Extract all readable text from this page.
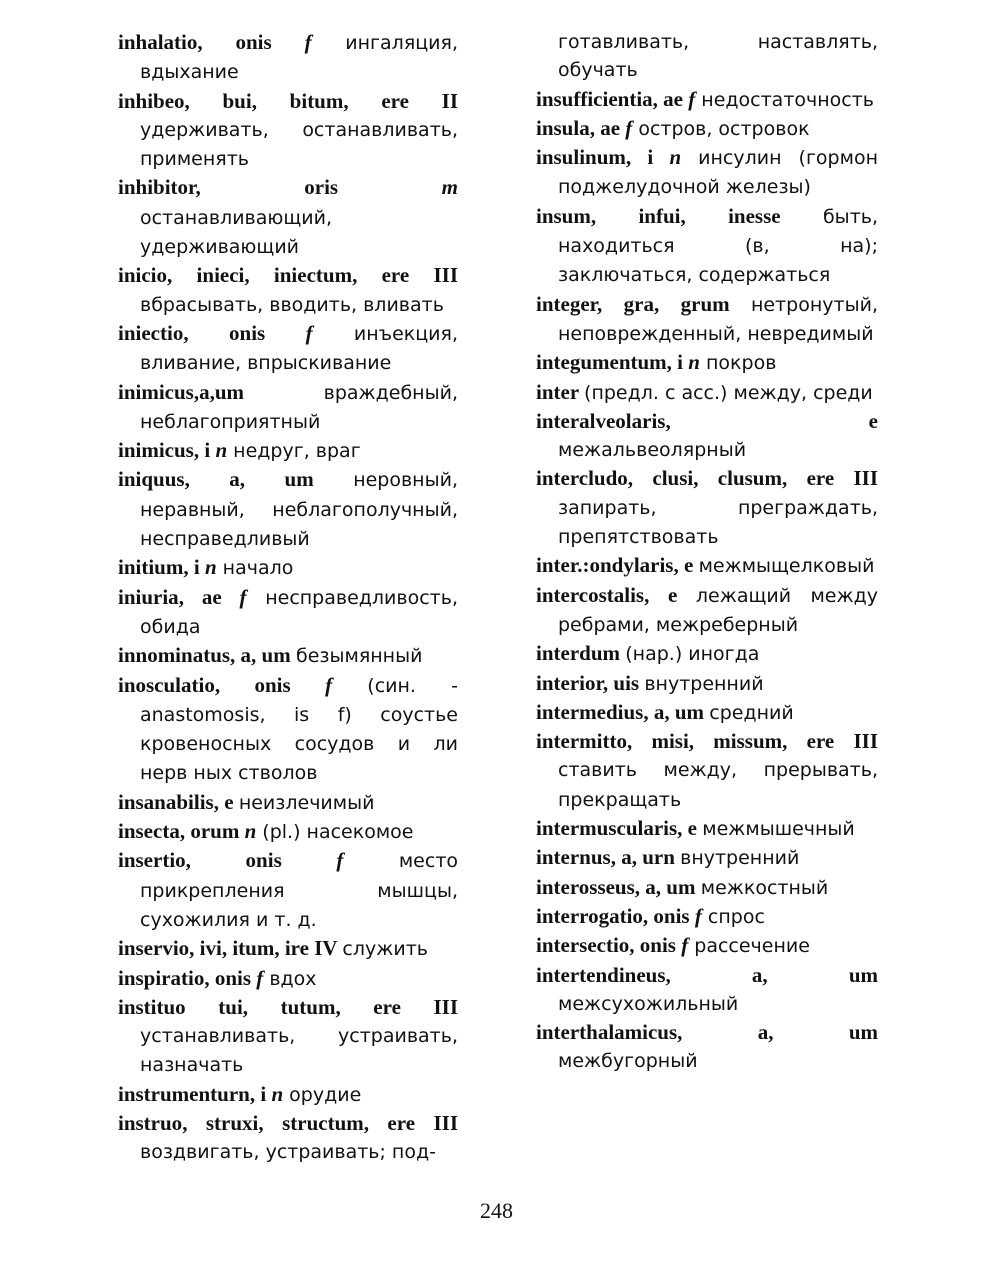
inhalatio, onis f ингаляция, вдыхание
inhibeo, bui, bitum, ere II удерживать, останавливать, применять
inhibitor, oris m останавливающий, удерживающий
inicio, inieci, iniectum, ere III вбрасывать, вводить, вливать
iniectio, onis f инъекция, вливание, впрыскивание
inimicus,a,um враждебный, неблагоприятный
inimicus, i n недруг, враг
iniquus, a, um неровный, неравный, неблагополучный, несправедливый
initium, i n начало
iniuria, ae f несправедливость, обида
innominatus, a, um безымянный
inosculatio, onis f (син. - anastomosis, is f) соустье кровеносных сосудов и ли нерв ных стволов
insanabilis, e неизлечимый
insecta, orum n (pl.) насекомое
insertio, onis f место прикрепления мышцы, сухожилия и т. д.
inservio, ivi, itum, ire IV служить
inspiratio, onis f вдох
instituo tui, tutum, ere III устанавливать, устраивать, назначать
instrumenturn, i n орудие
instruo, struxi, structum, ere III воздвигать, устраивать; под-
готавливать, наставлять, обучать
insufficientia, ae f недостаточность
insula, ae f остров, островок
insulinum, i n инсулин (гормон поджелудочной железы)
insum, infui, inesse быть, находиться (в, на); заключаться, содержаться
integer, gra, grum нетронутый, неповрежденный, невредимый
integumentum, i n покров
inter (предл. с acc.) между, среди
interalveolaris, e межальвеолярный
intercludo, clusi, clusum, ere III запирать, преграждать, препятствовать
inter.:ondylaris, e межмыщелковый
intercostalis, e лежащий между ребрами, межреберный
interdum (нар.) иногда
interior, uis внутренний
intermedius, a, um средний
intermitto, misi, missum, ere III ставить между, прерывать, прекращать
intermuscularis, e межмышечный
internus, a, urn внутренний
interosseus, a, um межкостный
interrogatio, onis f спрос
intersectio, onis f рассечение
intertendineus, a, um межсухожильный
interthalamicus, a, um межбугорный
248
